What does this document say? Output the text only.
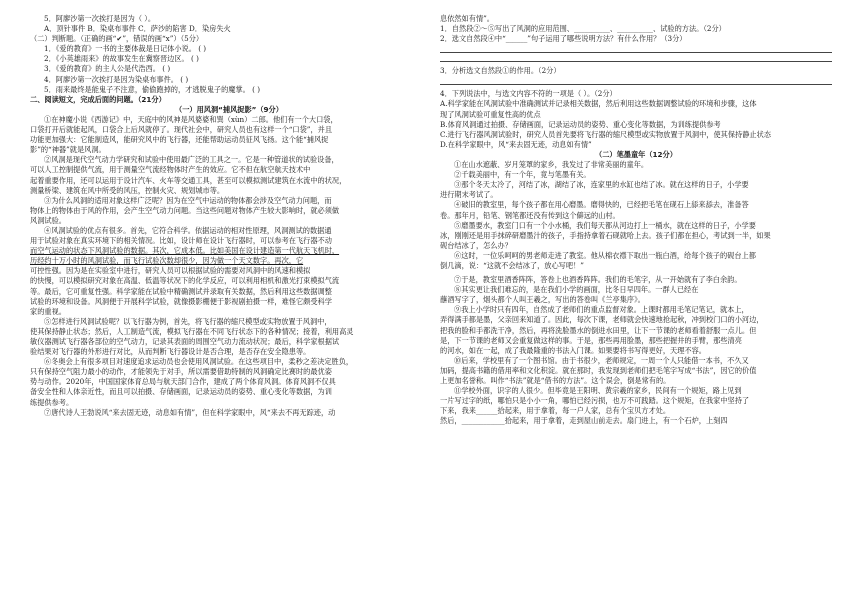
5．阿廖沙第一次挨打是因为（ ）。
A．顶针事件 B．染桌布事件 C．萨沙的陷害 D．染房失火
（二）判断题。（正确的画“✔”，错误的画“x”）（5分）
1．《爱的教育》一书的主要体裁是日记体小说。 ( )
2．《小英雄雨来》的故事发生在冀察晋边区。 ( )
3．《爱的教育》的主人公是代浩西。 ( )
4．阿廖沙第一次挨打是因为染桌布事件。 ( )
5．雨来最终是能鬼子不注意，偷偷跑掉的，才逃脱鬼子的魔掌。 ( )
二、阅读短文，完成后面的问题。（21分）
（一）用风洞“捕风捉影”（9分）
①在神魔小说《西游记》中，天庭中的风神是风婆婆和巽（xùn）二郎。他们有一个大口袋，
口袋打开后就能起风，口袋合上后风就停了。现代社会中，研究人员也有这样一个“口袋”，并且
功能更加强大：它能制造风，能研究风中的飞行器，还能帮助运动员征风飞扬。这个能“捕风捉
影”的“神器”就是风洞。
②风洞是现代空气动力学研究和试验中使用最广泛的工具之一。它是一种管道状的试验设备，
可以人工控制提供气流，用于测量空气流经物体时产生的效应。它不但在航空航天技术中
起着重要作用，还可以运用于设计汽车、火车等交通工具，甚至可以模拟测试建筑在水流中的状况，
测量桥梁、建筑在风中所受的风压，控制火灾、规划城市等。
③为什么风洞的适用对象这样广泛呢？因为在空气中运动的物体都会涉及空气动力问题，而
物体上的物体由于风的作用，会产生空气动力问题。当这些问题对物体产生较大影响时，就必须做
风洞试验。
④风洞试验的优点有很多。首先，它符合科学。依据运动的相对性原理，风洞测试的数据通
用于试验对象在真实环境下的相关情况。比如，设计师在设计飞行器时，可以参考在飞行器不动
而空气运动的状态下风洞试验的数据。其次，它成本低。比如美国在设计建造第一代航天飞机时，
历经约十万小时的风洞试验，而飞行试验次数却很少，因为做一个天文数字。再次，它
可控性强。因为是在实验室中进行，研究人员可以根据试验的需要对风洞中的风速和模拟
的快慢，可以模拟研究对象在高温、低温等状况下的化学反应，可以利用相机和激光打束模拟气流
等。最后，它可重复性强。科学家能在试验中精确测试并录取有关数据，然后利用这些数据调整
试验的环境和设备。风洞便于开展科学试验，就像摄影棚便于影视剧拍摄一样，难怪它颇受科学
家的重视。
⑤怎样进行风洞试验呢？以飞行器为例，首先，将飞行器的缩尺模型或实物放置于风洞中，
使其保持静止状态；然后，人工制造气流，模拟飞行器在不同飞行状态下的各种情况；接着，利用高灵
敏仪器测试飞行器各部位的空气动力，记录其表面的周围空气动力流动状况；最后，科学家根据试
验结果对飞行器的外形进行对比，从而判断飞行器设计是否合理，是否存在安全隐患等。
⑥冬奥会上有很多项目对速度追求运动员也会使用风洞试验。在这些项目中，柔秒之差决定胜负，
只有保持空气阻力最小的动作，才能领先于对手，所以需要借助特制的风洞确定比赛时的最优姿
势与动作。2020年，中国国家体育总局与航天部门合作，建成了两个体育风洞。体育风洞不仅具
备安全性和人体亲近性，而且可以拍摄、存储画面，记录运动员的姿势、重心变化等数据，为训
练提供参考。
⑦唐代诗人王勃说风“来去固无迹，动息如有情”，但在科学家眼中，风“来去不再无踪迹，动
息依然如有情”。
1．自然段②～⑤写出了风洞的应用范围、__________、__________、试验的方法。（2分）
2．选文自然段④中“______”句子运用了哪些说明方法？有什么作用？（3分）
3．分析选文自然段①的作用。（2分）
4．下列说法中，与选文内容不符的一项是（ ）。（2分）
A.科学家能在风洞试验中准确测试并记录相关数据，然后利用这些数据调整试验的环境和步骤，这体
现了风洞试验可重复性高的优点
B.体育风洞通过拍摄、存储画面，记录运动员的姿势、重心变化等数据，为训练提供参考
C.进行飞行器风洞试验时，研究人员首先要将飞行器的缩尺模型或实物放置于风洞中，使其保持静止状态
D.在科学家眼中，风“来去固无迹，动息如有情”
（二）笔墨童年（12分）
①在山水遮蔽、岁月笼罩的家乡，我发过了非常美丽的童年。
②千载美丽中，有一个年，竟与笔墨有关。
③那个冬天太冷了，河结了冰，湖结了冰，连家里的水缸也结了冰。就在这样的日子，小学要
进行期末考试了。
④破旧的教室里，每个孩子都在用心磨墨。磨得快的，已经把毛笔在砚石上舔来舔去，准备答
卷。那年月，铅笔、钢笔都还没有传到这个僻远的山村。
⑤磨墨要水，教室门口有一个小水桶，我们每天都从河边打上一桶水，就在这样的日子，小学要
冰，刚刚还是用手抹碎研磨墨汁的孩子，手指持拿着石砚就哈上去。孩子们都在担心，考试到一半，如果
砚台结冰了，怎么办？
⑥这时，一位乐呵呵的男老师走进了教室。他从棉衣襟下取出一瓶白酒，给每个孩子的砚台上都
倒几滴，说：“这就不会结冰了，放心写吧！”
⑦于是，教室里酒香阵阵，答卷上也酒香阵阵。我们的毛笔字，从一开始就有了李白余韵。
⑧其实更让我们难忘的，是在我们小学的画面，比冬日早四年。一群人已经在
蘸酒写字了，烟头都个人叫王羲之，写出的答卷叫《兰亭集序》。
⑨我上小学时只有四年，自然成了老师们的重点监督对象。上课时都用毛笔记笔记，就本上，
弄得满手都是墨，父亲回来知道了。因此，每次下课，老师就会快速地抢起秋，冲到校门口的小河边，
把我的脸和手都洗干净，然后，再将洗脸墨水的倒进水田里，让下一节课的老师看着舒服一点儿。但
是，下一节课的老师又会重复做这样的事。于是，那些再用脸墨，那些把握井的手臂，那些清亮
的河水，如在一起，成了我最隆重的书法入门课。如果要将书写得更好，天理不容。
⑩后来，学校里有了一个图书馆。由于书很少，老师规定，一周一个人只能借一本书，不久又
加码，提高书籍的借用率和文化积淀。就在那时，我发现到老师们把毛笔字写成“书法”，因它的价值
上更加名誉称。叫作“书法”就是“借书的方法”。这个误会，倒是常有的。
⑪学校外面，识字的人很少。但毕竟是王阳明、黄宗羲的家乡，民间有一个规矩，路上见到
一片写过字的纸，哪怕只是小小一角，哪怕已经污损，也万不可践踏。这个规矩，在我家中坚持了
下来，我来______拾起来，用于拿着，每一户人家，总有个宝贝方才处。
然后，____________拾起来，用于拿着，走到屋山前走去。扇门进上，有一个石炉，上刻四
